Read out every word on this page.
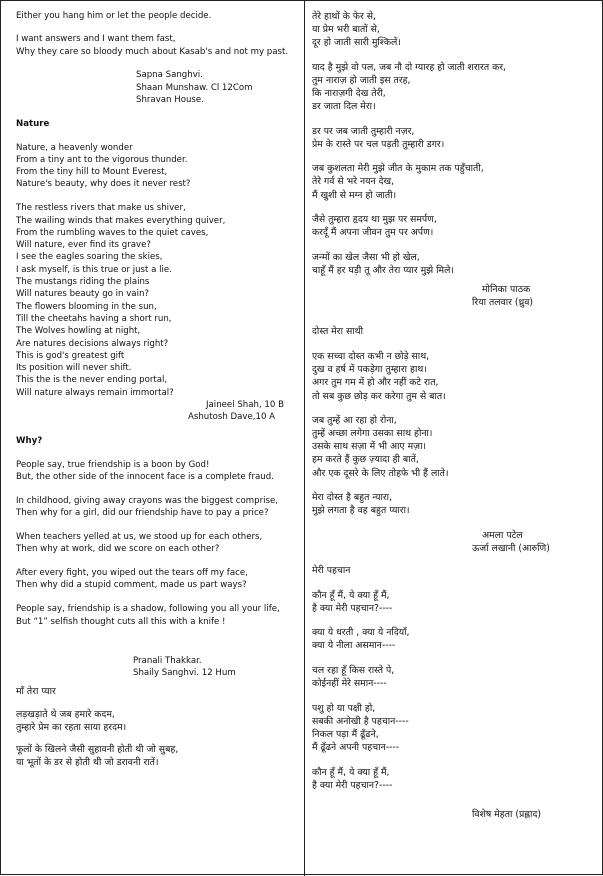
Either you hang him or let the people decide.
I want answers and I want them fast,
Why they care so bloody much about Kasab's and not my past.
Sapna Sanghvi.
Shaan Munshaw. Cl 12Com
Shravan House.
Nature
Nature, a heavenly wonder
From a tiny ant to the vigorous thunder.
From the tiny hill to Mount Everest,
Nature's beauty, why does it never rest?
The restless rivers that make us shiver,
The wailing winds that makes everything quiver,
From the rumbling waves to the quiet caves,
Will nature, ever find its grave?
I see the eagles soaring the skies,
I ask myself, is this true or just a lie.
The mustangs riding the plains
Will natures beauty go in vain?
The flowers blooming in the sun,
Till the cheetahs having a short run,
The Wolves howling at night,
Are natures decisions always right?
This is god's greatest gift
Its position will never shift.
This the is the never ending portal,
Will nature always remain immortal?
Jaineel Shah, 10 B
Ashutosh Dave,10 A
Why?
People say, true friendship is a boon by God!
But, the other side of the innocent face is a complete fraud.
In childhood, giving away crayons was the biggest comprise,
Then why for a girl, did our friendship have to pay a price?
When teachers yelled at us, we stood up for each others,
Then why at work, did we score on each other?
After every fight, you wiped out the tears off my face,
Then why did a stupid comment, made us part ways?
People say, friendship is a shadow, following you all your life,
But “1” selfish thought cuts all this with a knife !
Pranali Thakkar.
Shaily Sanghvi. 12 Hum
माँ तेरा प्यार
लड़खड़ाते थे जब हमारे कदम,
तुम्हारे प्रेम का रहता साया हरदम।
फूलों के खिलने जैसी सुहावनी होती थी जो सुबह,
या भूतों के डर से होती थी जो डरावनी रातें।
तेरे हाथों के फेर से,
या प्रेम भरी बातों से,
दूर हो जाती सारी मुश्किलें।
याद है मुझे वो पल, जब नौ दो ग्यारह हो जाती शरारत कर,
तुम नाराज़ हो जाती इस तरह,
कि नाराज़गी देख तेरी,
डर जाता दिल मेरा।
डर पर जब जाती तुम्हारी नज़र,
प्रेम के रास्ते पर चल पड़ती तुम्हारी डगर।
जब कुशलता मेरी मुझे जीत के मुकाम तक पहुँचाती,
तेरे गर्व से भरे नयन देख,
मैं खुशी से मग्न हो जाती।
जैसे तुम्हारा हृदय था मुझ पर समर्पण,
करदूँ मैं अपना जीवन तुम पर अर्पण।
जन्मों का खेल जैसा भी हो खेल,
चाहूँ मैं हर घड़ी तू और तेरा प्यार मुझे मिले।
मोनिका पाठक
रिया तलवार (ध्रुव)
दोस्त मेरा साथी
एक सच्चा दोस्त कभी न छोड़े साथ,
दुख व हर्ष में पकड़ेगा तुम्हारा हाथ।
अगर तुम गम में हो और नहीं कटे रात,
तो सब कुछ छोड़ कर करेगा तुम से बात।
जब तुम्हें आ रहा हो रोना,
तुम्हें अच्छा लगेगा उसका साथ होना।
उसके साथ सज़ा में भी आए मज़ा।
हम करते हैं कुछ ज़्यादा ही बातें,
और एक दूसरे के लिए तोहफे भी हैं लाते।
मेरा दोस्त है बहुत न्यारा,
मुझे लगता है वह बहुत प्यारा।
अमला पटेल
ऊर्जा लखानी (आरुणि)
मेरी पहचान
कौन हूँ मैं, ये क्या हूँ मैं,
है क्या मेरी पहचान?----
क्या ये धरती , क्या ये नदियाँ,
क्या ये नीला असमान----
चल रहा हूँ किस रास्ते पे,
कोईनहीं मेरे समान----
पशु हो या पक्षी हो,
सबकी अनोखी है पहचान----
निकल पड़ा मैं ढूँढने,
मैं ढूँढने अपनी पहचान----
कौन हूँ मैं, ये क्या हूँ मैं,
है क्या मेरी पहचान?----
विशेष मेहता (प्रह्लाद)
